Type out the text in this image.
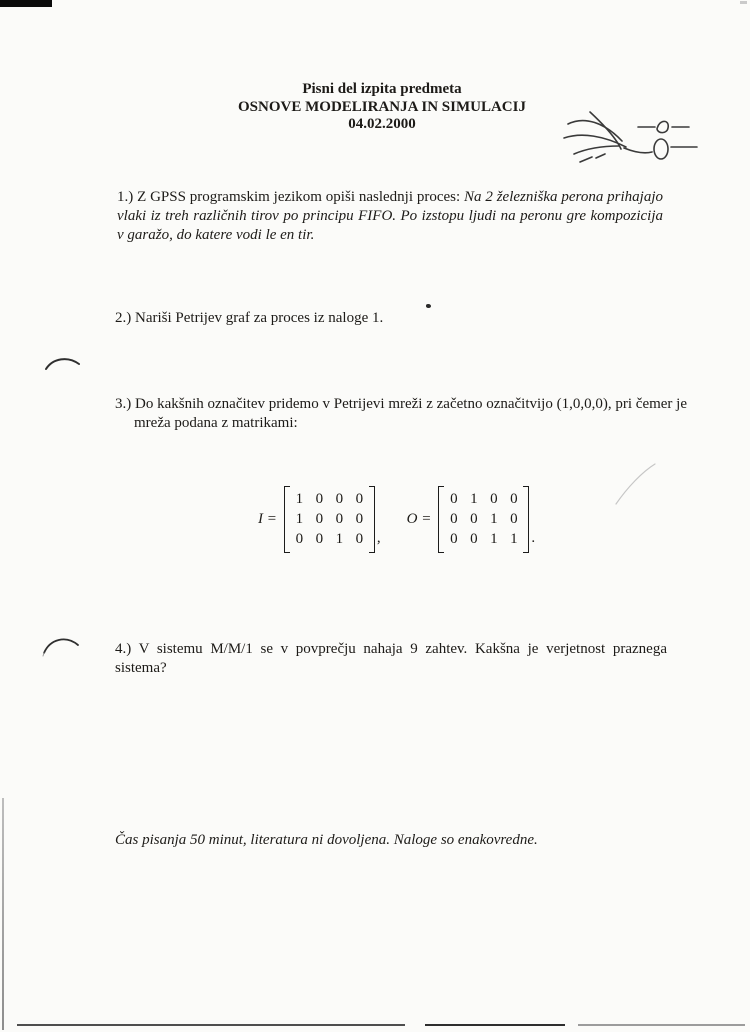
Pisni del izpita predmeta
OSNOVE MODELIRANJA IN SIMULACIJ
04.02.2000

1.) Z GPSS programskim jezikom opiši naslednji proces: Na 2 železniška perona prihajajo vlaki iz treh različnih tirov po principu FIFO. Po izstopu ljudi na peronu gre kompozicija v garažo, do katere vodi le en tir.

2.) Nariši Petrijev graf za proces iz naloge 1.

3.) Do kakšnih označitev pridemo v Petrijevi mreži z začetno označitvijo (1,0,0,0), pri čemer je mreža podana z matrikami:

I =
1 0 0 0
1 0 0 0
0 0 1 0 ,
O =
0 1 0 0
0 0 1 0
0 0 1 1 .

4.) V sistemu M/M/1 se v povprečju nahaja 9 zahtev. Kakšna je verjetnost praznega sistema?

Čas pisanja 50 minut, literatura ni dovoljena. Naloge so enakovredne.
